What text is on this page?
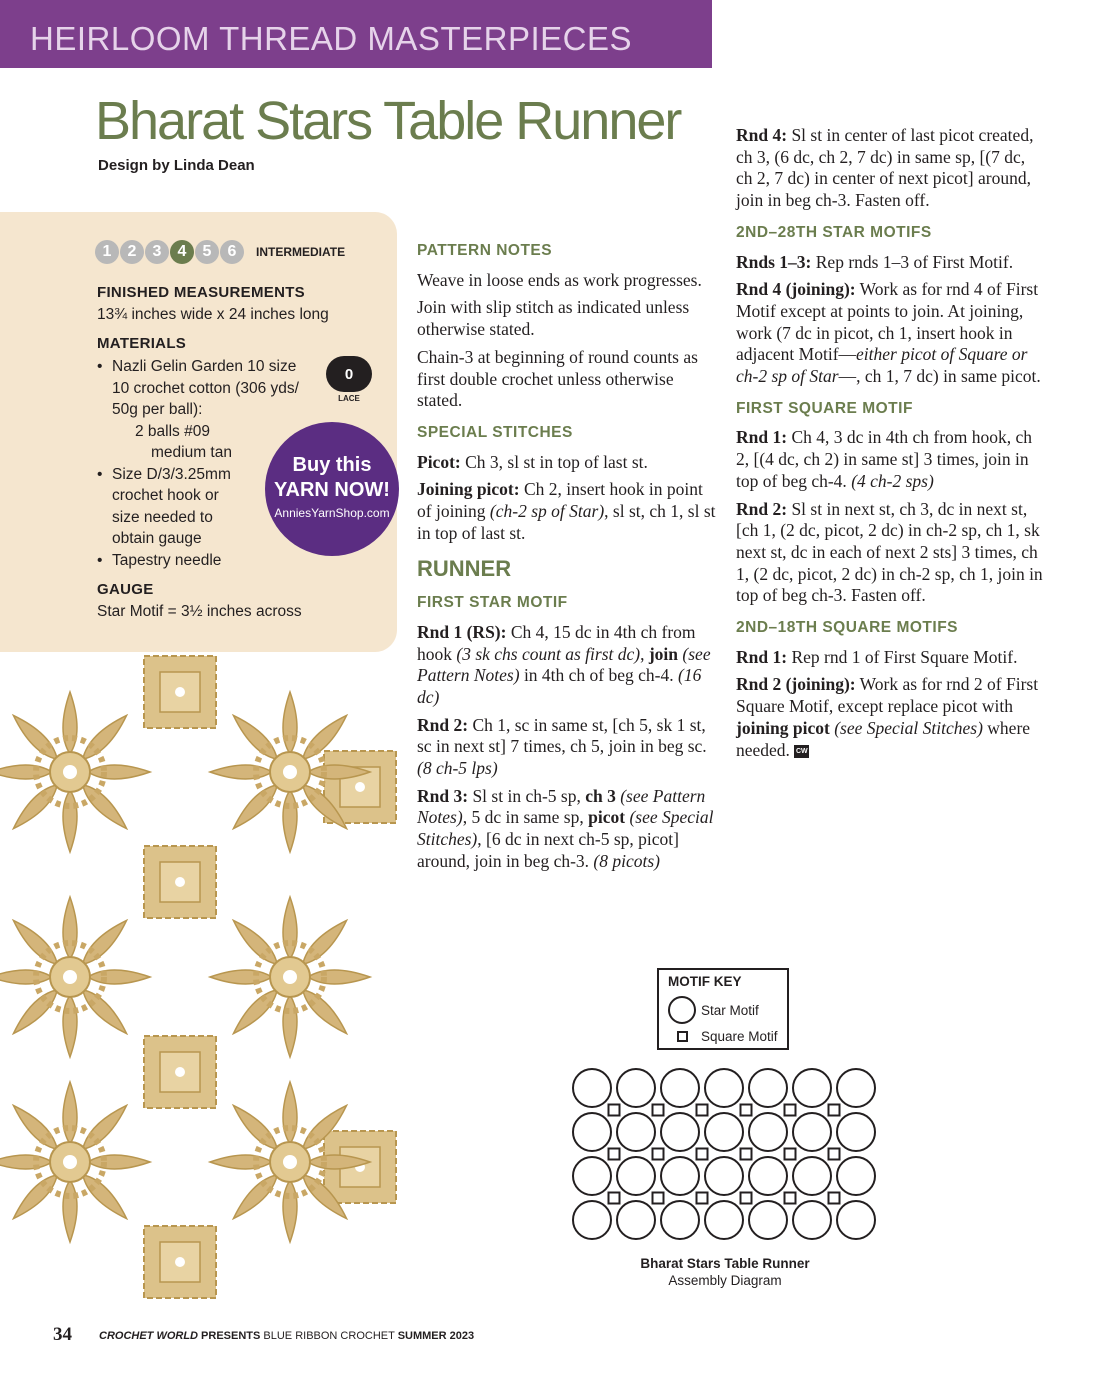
HEIRLOOM THREAD MASTERPIECES
Bharat Stars Table Runner
Design by Linda Dean
1	2	3	4	5	6	INTERMEDIATE
FINISHED MEASUREMENTS
13¾ inches wide x 24 inches long
MATERIALS
• Nazli Gelin Garden 10 size
10 crochet cotton (306 yds/
50g per ball):
2 balls #09
medium tan
• Size D/3/3.25mm
crochet hook or
size needed to
obtain gauge
• Tapestry needle
GAUGE
Star Motif = 3½ inches across
0
LACE
Buy this
YARN NOW!
AnniesYarnShop.com
PATTERN NOTES

Weave in loose ends as work progresses.

Join with slip stitch as indicated unless otherwise stated.

Chain-3 at beginning of round counts as first double crochet unless otherwise stated.

SPECIAL STITCHES

Picot: Ch 3, sl st in top of last st.

Joining picot: Ch 2, insert hook in point of joining (ch-2 sp of Star), sl st, ch 1, sl st in top of last st.

RUNNER
FIRST STAR MOTIF

Rnd 1 (RS): Ch 4, 15 dc in 4th ch from hook (3 sk chs count as first dc), join (see Pattern Notes) in 4th ch of beg ch-4. (16 dc)

Rnd 2: Ch 1, sc in same st, [ch 5, sk 1 st, sc in next st] 7 times, ch 5, join in beg sc. (8 ch-5 lps)

Rnd 3: Sl st in ch-5 sp, ch 3 (see Pattern Notes), 5 dc in same sp, picot (see Special Stitches), [6 dc in next ch-5 sp, picot] around, join in beg ch-3. (8 picots)

Rnd 4: Sl st in center of last picot created, ch 3, (6 dc, ch 2, 7 dc) in same sp, [(7 dc, ch 2, 7 dc) in center of next picot] around, join in beg ch-3. Fasten off.

2ND–28TH STAR MOTIFS

Rnds 1–3: Rep rnds 1–3 of First Motif.

Rnd 4 (joining): Work as for rnd 4 of First Motif except at points to join. At joining, work (7 dc in picot, ch 1, insert hook in adjacent Motif—either picot of Square or ch-2 sp of Star—, ch 1, 7 dc) in same picot.

FIRST SQUARE MOTIF

Rnd 1: Ch 4, 3 dc in 4th ch from hook, ch 2, [(4 dc, ch 2) in same st] 3 times, join in top of beg ch-4. (4 ch-2 sps)

Rnd 2: Sl st in next st, ch 3, dc in next st, [ch 1, (2 dc, picot, 2 dc) in ch-2 sp, ch 1, sk next st, dc in each of next 2 sts] 3 times, ch 1, (2 dc, picot, 2 dc) in ch-2 sp, ch 1, join in top of beg ch-3. Fasten off.

2ND–18TH SQUARE MOTIFS

Rnd 1: Rep rnd 1 of First Square Motif.

Rnd 2 (joining): Work as for rnd 2 of First Square Motif, except replace picot with joining picot (see Special Stitches) where needed. CW

MOTIF KEY
Star Motif
Square Motif
Bharat Stars Table Runner
Assembly Diagram
34 CROCHET WORLD PRESENTS BLUE RIBBON CROCHET SUMMER 2023
